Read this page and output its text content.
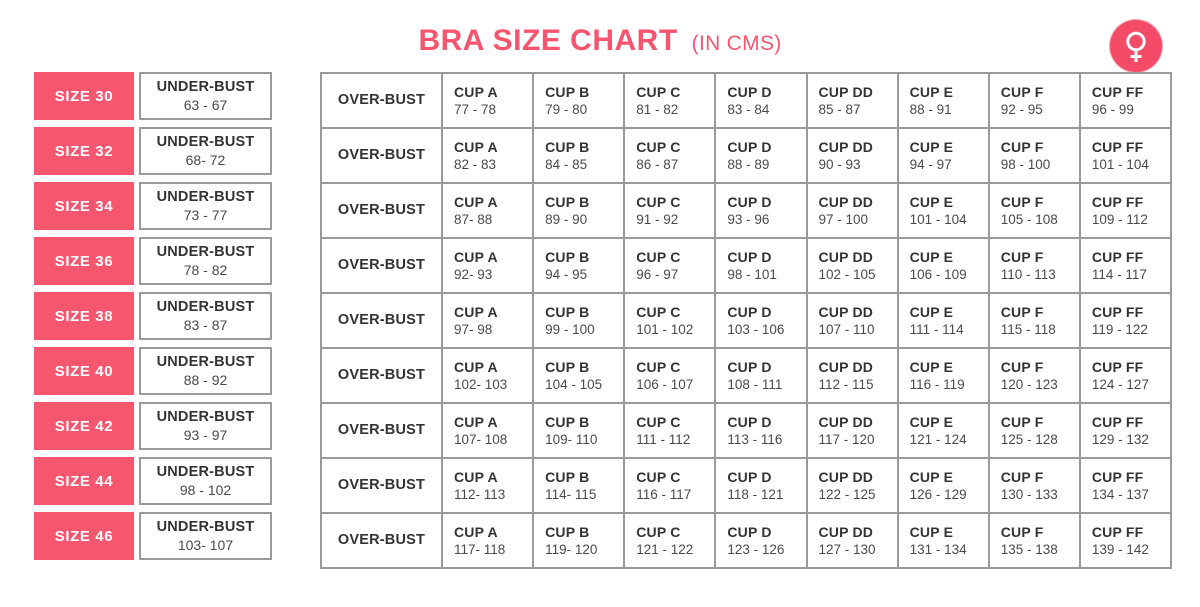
BRA SIZE CHART (IN CMS)
SIZE 30
UNDER-BUST
63 - 67
SIZE 32
UNDER-BUST
68- 72
SIZE 34
UNDER-BUST
73 - 77
SIZE 36
UNDER-BUST
78 - 82
SIZE 38
UNDER-BUST
83 - 87
SIZE 40
UNDER-BUST
88 - 92
SIZE 42
UNDER-BUST
93 - 97
SIZE 44
UNDER-BUST
98 - 102
SIZE 46
UNDER-BUST
103- 107
OVER-BUST
CUP A
77 - 78
CUP B
79 - 80
CUP C
81 - 82
CUP D
83 - 84
CUP DD
85 - 87
CUP E
88 - 91
CUP F
92 - 95
CUP FF
96 - 99
OVER-BUST
CUP A
82 - 83
CUP B
84 - 85
CUP C
86 - 87
CUP D
88 - 89
CUP DD
90 - 93
CUP E
94 - 97
CUP F
98 - 100
CUP FF
101 - 104
OVER-BUST
CUP A
87- 88
CUP B
89 - 90
CUP C
91 - 92
CUP D
93 - 96
CUP DD
97 - 100
CUP E
101 - 104
CUP F
105 - 108
CUP FF
109 - 112
OVER-BUST
CUP A
92- 93
CUP B
94 - 95
CUP C
96 - 97
CUP D
98 - 101
CUP DD
102 - 105
CUP E
106 - 109
CUP F
110 - 113
CUP FF
114 - 117
OVER-BUST
CUP A
97- 98
CUP B
99 - 100
CUP C
101 - 102
CUP D
103 - 106
CUP DD
107 - 110
CUP E
111 - 114
CUP F
115 - 118
CUP FF
119 - 122
OVER-BUST
CUP A
102- 103
CUP B
104 - 105
CUP C
106 - 107
CUP D
108 - 111
CUP DD
112 - 115
CUP E
116 - 119
CUP F
120 - 123
CUP FF
124 - 127
OVER-BUST
CUP A
107- 108
CUP B
109- 110
CUP C
111 - 112
CUP D
113 - 116
CUP DD
117 - 120
CUP E
121 - 124
CUP F
125 - 128
CUP FF
129 - 132
OVER-BUST
CUP A
112- 113
CUP B
114- 115
CUP C
116 - 117
CUP D
118 - 121
CUP DD
122 - 125
CUP E
126 - 129
CUP F
130 - 133
CUP FF
134 - 137
OVER-BUST
CUP A
117- 118
CUP B
119- 120
CUP C
121 - 122
CUP D
123 - 126
CUP DD
127 - 130
CUP E
131 - 134
CUP F
135 - 138
CUP FF
139 - 142
